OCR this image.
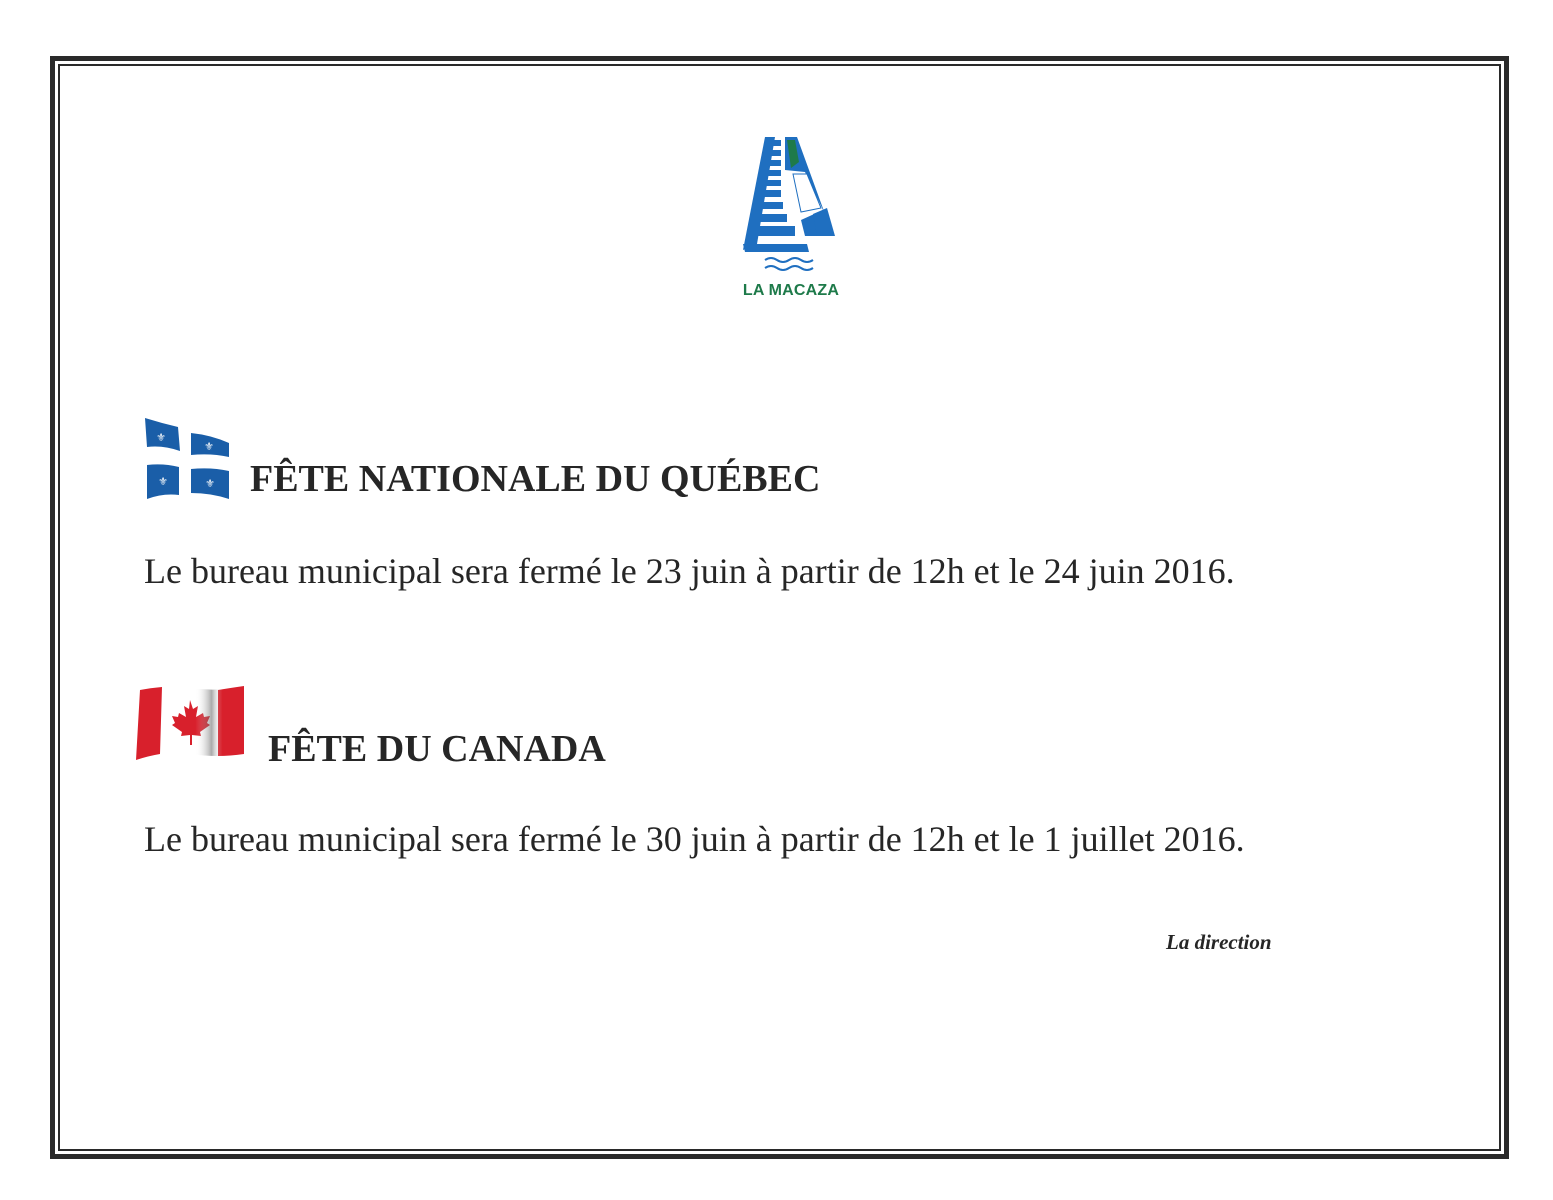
LA MACAZA
⚜
⚜
⚜	⚜ FÊTE NATIONALE DU QUÉBEC
Le bureau municipal sera fermé le 23 juin à partir de 12h et le 24 juin 2016.
FÊTE DU CANADA
Le bureau municipal sera fermé le 30 juin à partir de 12h et le 1 juillet 2016.
La direction
